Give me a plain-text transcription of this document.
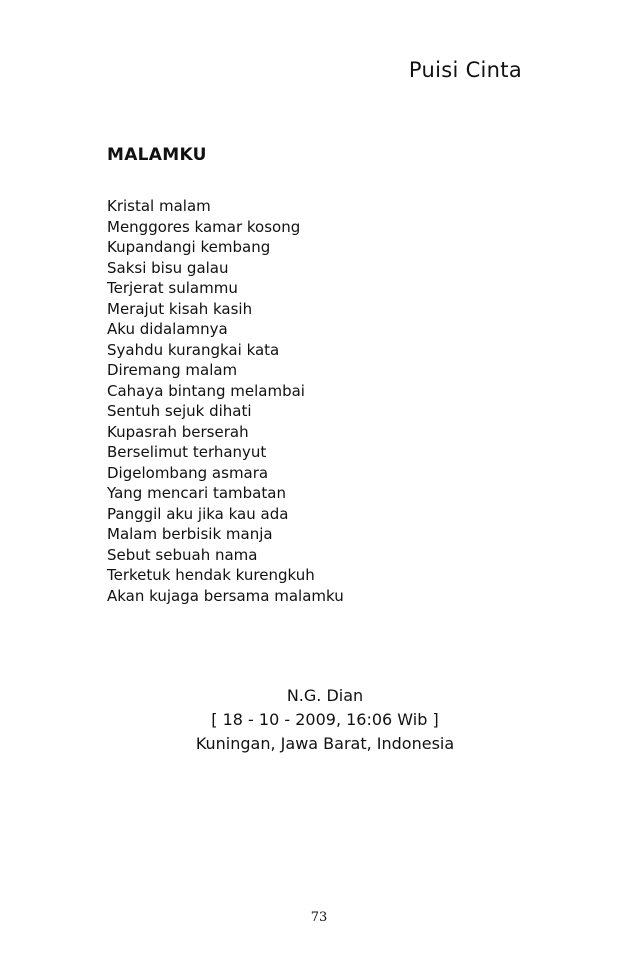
Puisi Cinta
MALAMKU
Kristal malam
Menggores kamar kosong
Kupandangi kembang
Saksi bisu galau
Terjerat sulammu
Merajut kisah kasih
Aku didalamnya
Syahdu kurangkai kata
Diremang malam
Cahaya bintang melambai
Sentuh sejuk dihati
Kupasrah berserah
Berselimut terhanyut
Digelombang asmara
Yang mencari tambatan
Panggil aku jika kau ada
Malam berbisik manja
Sebut sebuah nama
Terketuk hendak kurengkuh
Akan kujaga bersama malamku
N.G. Dian
[ 18 - 10 - 2009, 16:06 Wib ]
Kuningan, Jawa Barat, Indonesia
73
